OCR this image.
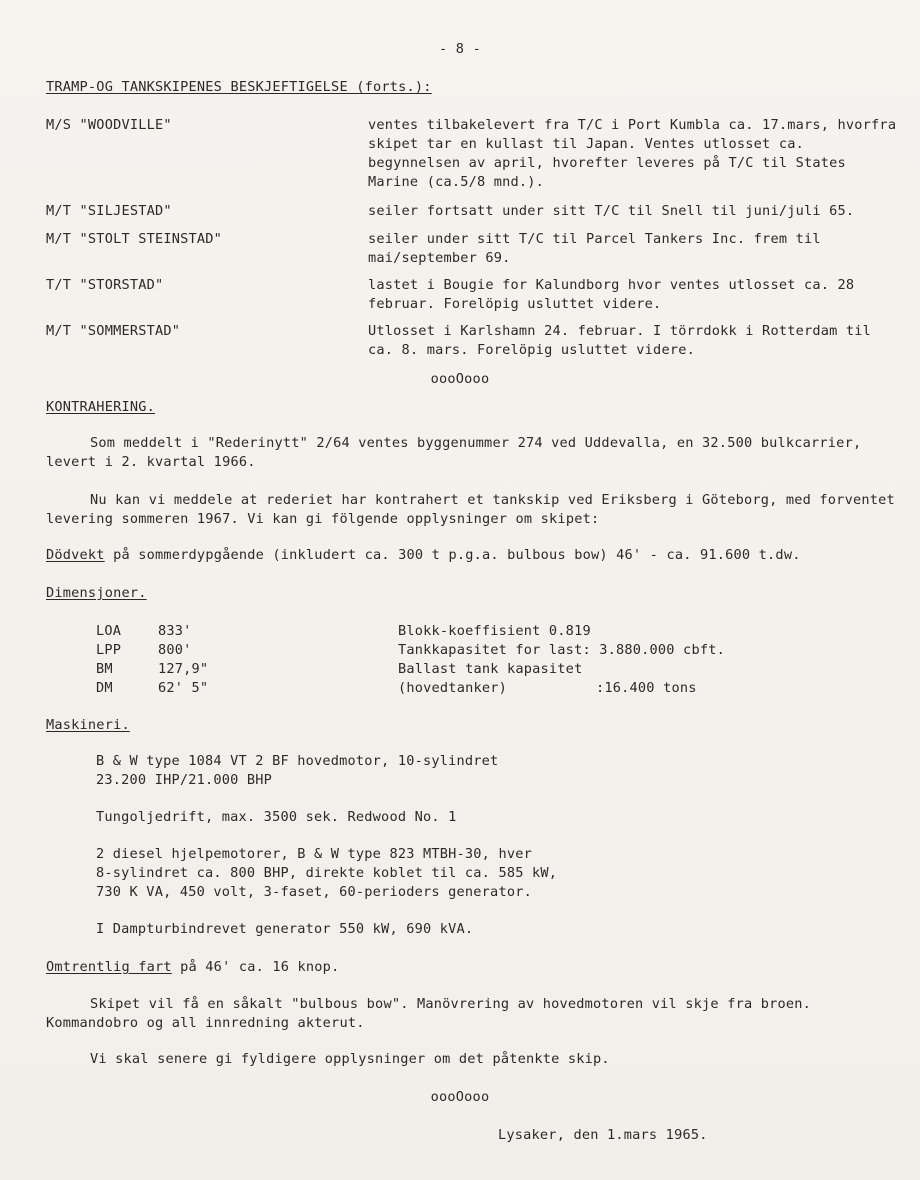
- 8 -
TRAMP-OG TANKSKIPENES BESKJEFTIGELSE (forts.):
M/S "WOODVILLE"	ventes tilbakelevert fra T/C i Port Kumbla ca. 17.mars, hvorfra skipet tar en kullast til Japan. Ventes utlosset ca. begynnelsen av april, hvorefter leveres på T/C til States Marine (ca.5/8 mnd.).
M/T "SILJESTAD"	seiler fortsatt under sitt T/C til Snell til juni/juli 65.
M/T "STOLT STEINSTAD"	seiler under sitt T/C til Parcel Tankers Inc. frem til mai/september 69.
T/T "STORSTAD"	lastet i Bougie for Kalundborg hvor ventes utlosset ca. 28 februar. Forelöpig usluttet videre.
M/T "SOMMERSTAD"	Utlosset i Karlshamn 24. februar. I törrdokk i Rotterdam til ca. 8. mars. Forelöpig usluttet videre.
oooOooo
KONTRAHERING.
Som meddelt i "Rederinytt" 2/64 ventes byggenummer 274 ved Uddevalla, en 32.500 bulkcarrier, levert i 2. kvartal 1966.
Nu kan vi meddele at rederiet har kontrahert et tankskip ved Eriksberg i Göteborg, med forventet levering sommeren 1967. Vi kan gi fölgende opplysninger om skipet:
Dödvekt på sommerdypgående (inkludert ca. 300 t p.g.a. bulbous bow) 46' - ca. 91.600 t.dw.
Dimensjoner.
LOA	833'	Blokk-koeffisient 0.819
LPP	800'	Tankkapasitet for last: 3.880.000 cbft.
BM	127,9"	Ballast tank kapasitet
DM	62' 5"	(hovedtanker)	:16.400 tons
Maskineri.
B & W type 1084 VT 2 BF hovedmotor, 10-sylindret
23.200 IHP/21.000 BHP
Tungoljedrift, max. 3500 sek. Redwood No. 1
2 diesel hjelpemotorer, B & W type 823 MTBH-30, hver
8-sylindret ca. 800 BHP, direkte koblet til ca. 585 kW,
730 K VA, 450 volt, 3-faset, 60-perioders generator.
I Dampturbindrevet generator 550 kW, 690 kVA.
Omtrentlig fart på 46' ca. 16 knop.
Skipet vil få en såkalt "bulbous bow". Manövrering av hovedmotoren vil skje fra broen. Kommandobro og all innredning akterut.
Vi skal senere gi fyldigere opplysninger om det påtenkte skip.
oooOooo
Lysaker, den 1.mars 1965.
